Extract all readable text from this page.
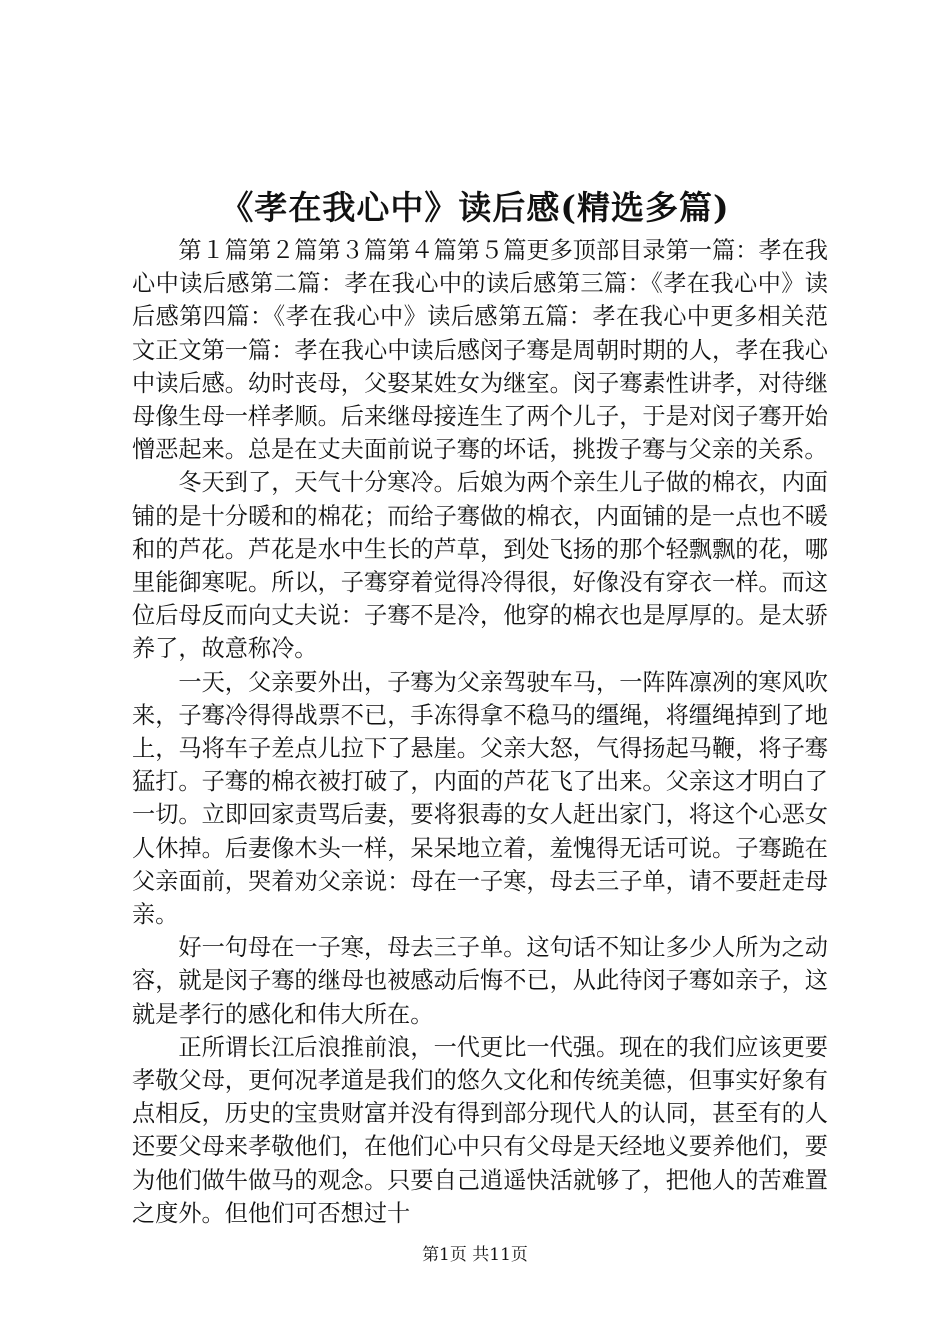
《孝在我心中》读后感(精选多篇)

第１篇第２篇第３篇第４篇第５篇更多顶部目录第一篇：孝在我心中读后感第二篇：孝在我心中的读后感第三篇：《孝在我心中》读后感第四篇：《孝在我心中》读后感第五篇：孝在我心中更多相关范文正文第一篇：孝在我心中读后感闵子骞是周朝时期的人，孝在我心中读后感。幼时丧母，父娶某姓女为继室。闵子骞素性讲孝，对待继母像生母一样孝顺。后来继母接连生了两个儿子，于是对闵子骞开始憎恶起来。总是在丈夫面前说子骞的坏话，挑拨子骞与父亲的关系。

冬天到了，天气十分寒冷。后娘为两个亲生儿子做的棉衣，内面铺的是十分暖和的棉花；而给子骞做的棉衣，内面铺的是一点也不暖和的芦花。芦花是水中生长的芦草，到处飞扬的那个轻飘飘的花，哪里能御寒呢。所以，子骞穿着觉得冷得很，好像没有穿衣一样。而这位后母反而向丈夫说：子骞不是冷，他穿的棉衣也是厚厚的。是太骄养了，故意称冷。

一天，父亲要外出，子骞为父亲驾驶车马，一阵阵凛冽的寒风吹来，子骞冷得得战票不已，手冻得拿不稳马的缰绳，将缰绳掉到了地上，马将车子差点儿拉下了悬崖。父亲大怒，气得扬起马鞭，将子骞猛打。子骞的棉衣被打破了，内面的芦花飞了出来。父亲这才明白了一切。立即回家责骂后妻，要将狠毒的女人赶出家门，将这个心恶女人休掉。后妻像木头一样，呆呆地立着，羞愧得无话可说。子骞跪在父亲面前，哭着劝父亲说：母在一子寒，母去三子单，请不要赶走母亲。

好一句母在一子寒，母去三子单。这句话不知让多少人所为之动容，就是闵子骞的继母也被感动后悔不已，从此待闵子骞如亲子，这就是孝行的感化和伟大所在。

正所谓长江后浪推前浪，一代更比一代强。现在的我们应该更要孝敬父母，更何况孝道是我们的悠久文化和传统美德，但事实好象有点相反，历史的宝贵财富并没有得到部分现代人的认同，甚至有的人还要父母来孝敬他们，在他们心中只有父母是天经地义要养他们，要为他们做牛做马的观念。只要自己逍遥快活就够了，把他人的苦难置之度外。但他们可否想过十

第1页 共11页
